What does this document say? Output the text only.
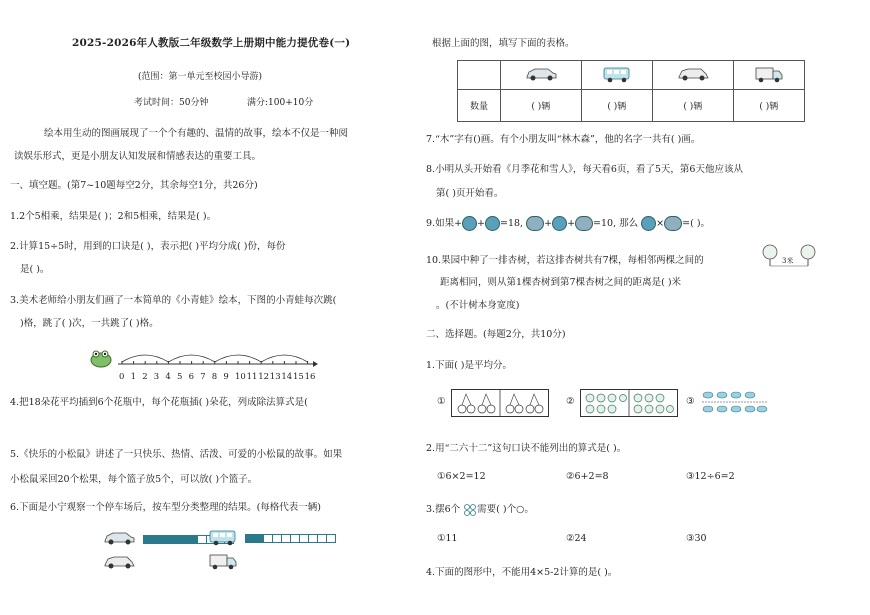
2025-2026年人教版二年级数学上册期中能力提优卷(一)
(范围：第一单元至校园小导游)
考试时间：50分钟	满分:100+10分
绘本用生动的图画展现了一个个有趣的、温情的故事，绘本不仅是一种阅
读娱乐形式，更是小朋友认知发展和情感表达的重要工具。
一、填空题。(第7~10题每空2分，其余每空1分，共26分)
1.2个5相乘，结果是( )；2和5相乘，结果是( )。
2.计算15÷5时，用到的口诀是( )，表示把( )平均分成( )份，每份
是( )。
3.美术老师给小朋友们画了一本简单的《小青蛙》绘本，下图的小青蛙每次跳(
)格，跳了( )次，一共跳了( )格。
0 1 2 3 4 5 6 7 8 9 10 11 12 13 14 15 16
4.把18朵花平均插到6个花瓶中，每个花瓶插( )朵花，列成除法算式是(
5.《快乐的小松鼠》讲述了一只快乐、热情、活泼、可爱的小松鼠的故事。如果
小松鼠采回20个松果，每个篮子放5个，可以放( )个篮子。
6.下面是小宁观察一个停车场后，按车型分类整理的结果。(每格代表一辆)

根据上面的图，填写下面的表格。

数量	( )辆	( )辆	( )辆	( )辆
7.“木”字有()画。有个小朋友叫“林木森”，他的名字一共有( )画。
8.小明从头开始看《月季花和雪人》，每天看6页，看了5天，第6天他应该从
第( )页开始看。
9.如果+ + =18, + + =10, 那么 × =( )。
10.果园中种了一排杏树，若这排杏树共有7棵，每相邻两棵之间的
距离相同，则从第1棵杏树到第7棵杏树之间的距离是( )米
。(不计树本身宽度)
3米
二、选择题。(每题2分，共10分)
1.下面( )是平均分。
①	②	③
2.用“二六十二”这句口诀不能列出的算式是( )。
①6×2=12	②6+2=8	③12÷6=2
3.摆6个 需要( )个○。
①11	②24	③30
4.下面的图形中，不能用4×5-2计算的是( )。
